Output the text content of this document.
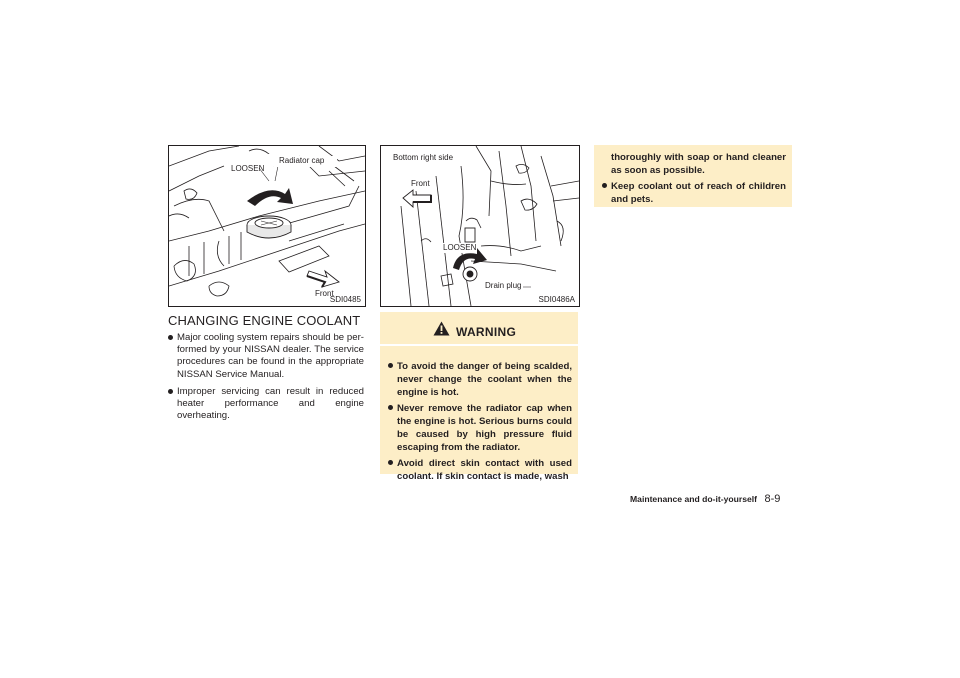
LOOSEN
Radiator cap
Front
SDI0485
Bottom right side
Front
LOOSEN
Drain plug
SDI0486A
CHANGING ENGINE COOLANT

Major cooling system repairs should be per-formed by your NISSAN dealer. The service procedures can be found in the appropriate NISSAN Service Manual.

Improper servicing can result in reduced heater performance and engine overheating.

WARNING

To avoid the danger of being scalded, never change the coolant when the engine is hot.

Never remove the radiator cap when the engine is hot. Serious burns could be caused by high pressure fluid escaping from the radiator.

Avoid direct skin contact with used coolant. If skin contact is made, wash

thoroughly with soap or hand cleaner as soon as possible.

Keep coolant out of reach of children and pets.

Maintenance and do-it-yourself 8-9
